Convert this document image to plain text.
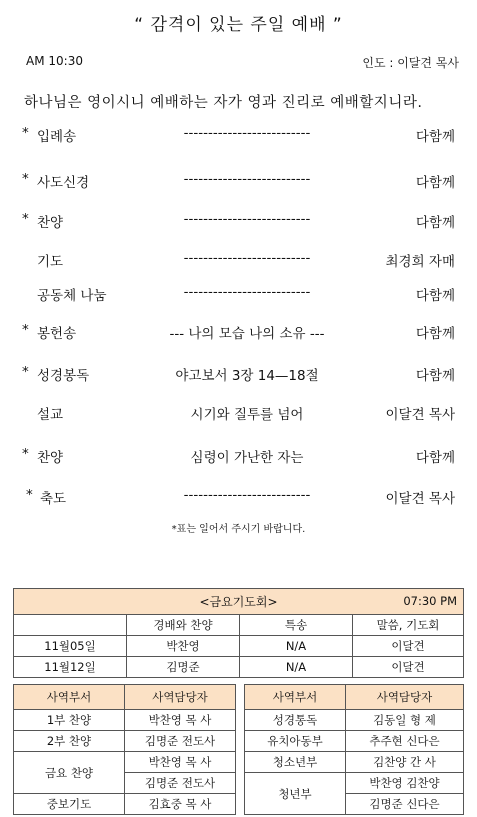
“ 감격이 있는 주일 예배 ”
AM 10:30	인도 : 이달견 목사
하나님은 영이시니 예배하는 자가 영과 진리로 예배할지니라.
* 입례송	--------------------------	다함께
* 사도신경	--------------------------	다함께
* 찬양	--------------------------	다함께
기도	--------------------------	최경희 자매
공동체 나눔	--------------------------	다함께
* 봉헌송	--- 나의 모습 나의 소유 ---	다함께
* 성경봉독	야고보서 3장 14—18절	다함께
설교	시기와 질투를 넘어	이달견 목사
* 찬양	심령이 가난한 자는	다함께
* 축도	--------------------------	이달견 목사
*표는 일어서 주시기 바랍니다.
<금요기도회> 07:30 PM			

	경배와 찬양	특송	말씀, 기도회
11월05일	박찬영	N/A	이달견
11월12일	김명준	N/A	이달견
사역부서	사역담당자		사역부서	사역담당자
1부 찬양	박찬영 목 사		성경통독	김동일 형 제
2부 찬양	김명준 전도사		유치아동부	추주현 신다은
금요 찬양	박찬영 목 사		청소년부	김찬양 간 사
	김명준 전도사		청년부	박찬영 김찬양
중보기도	김효중 목 사			김명준 신다은
